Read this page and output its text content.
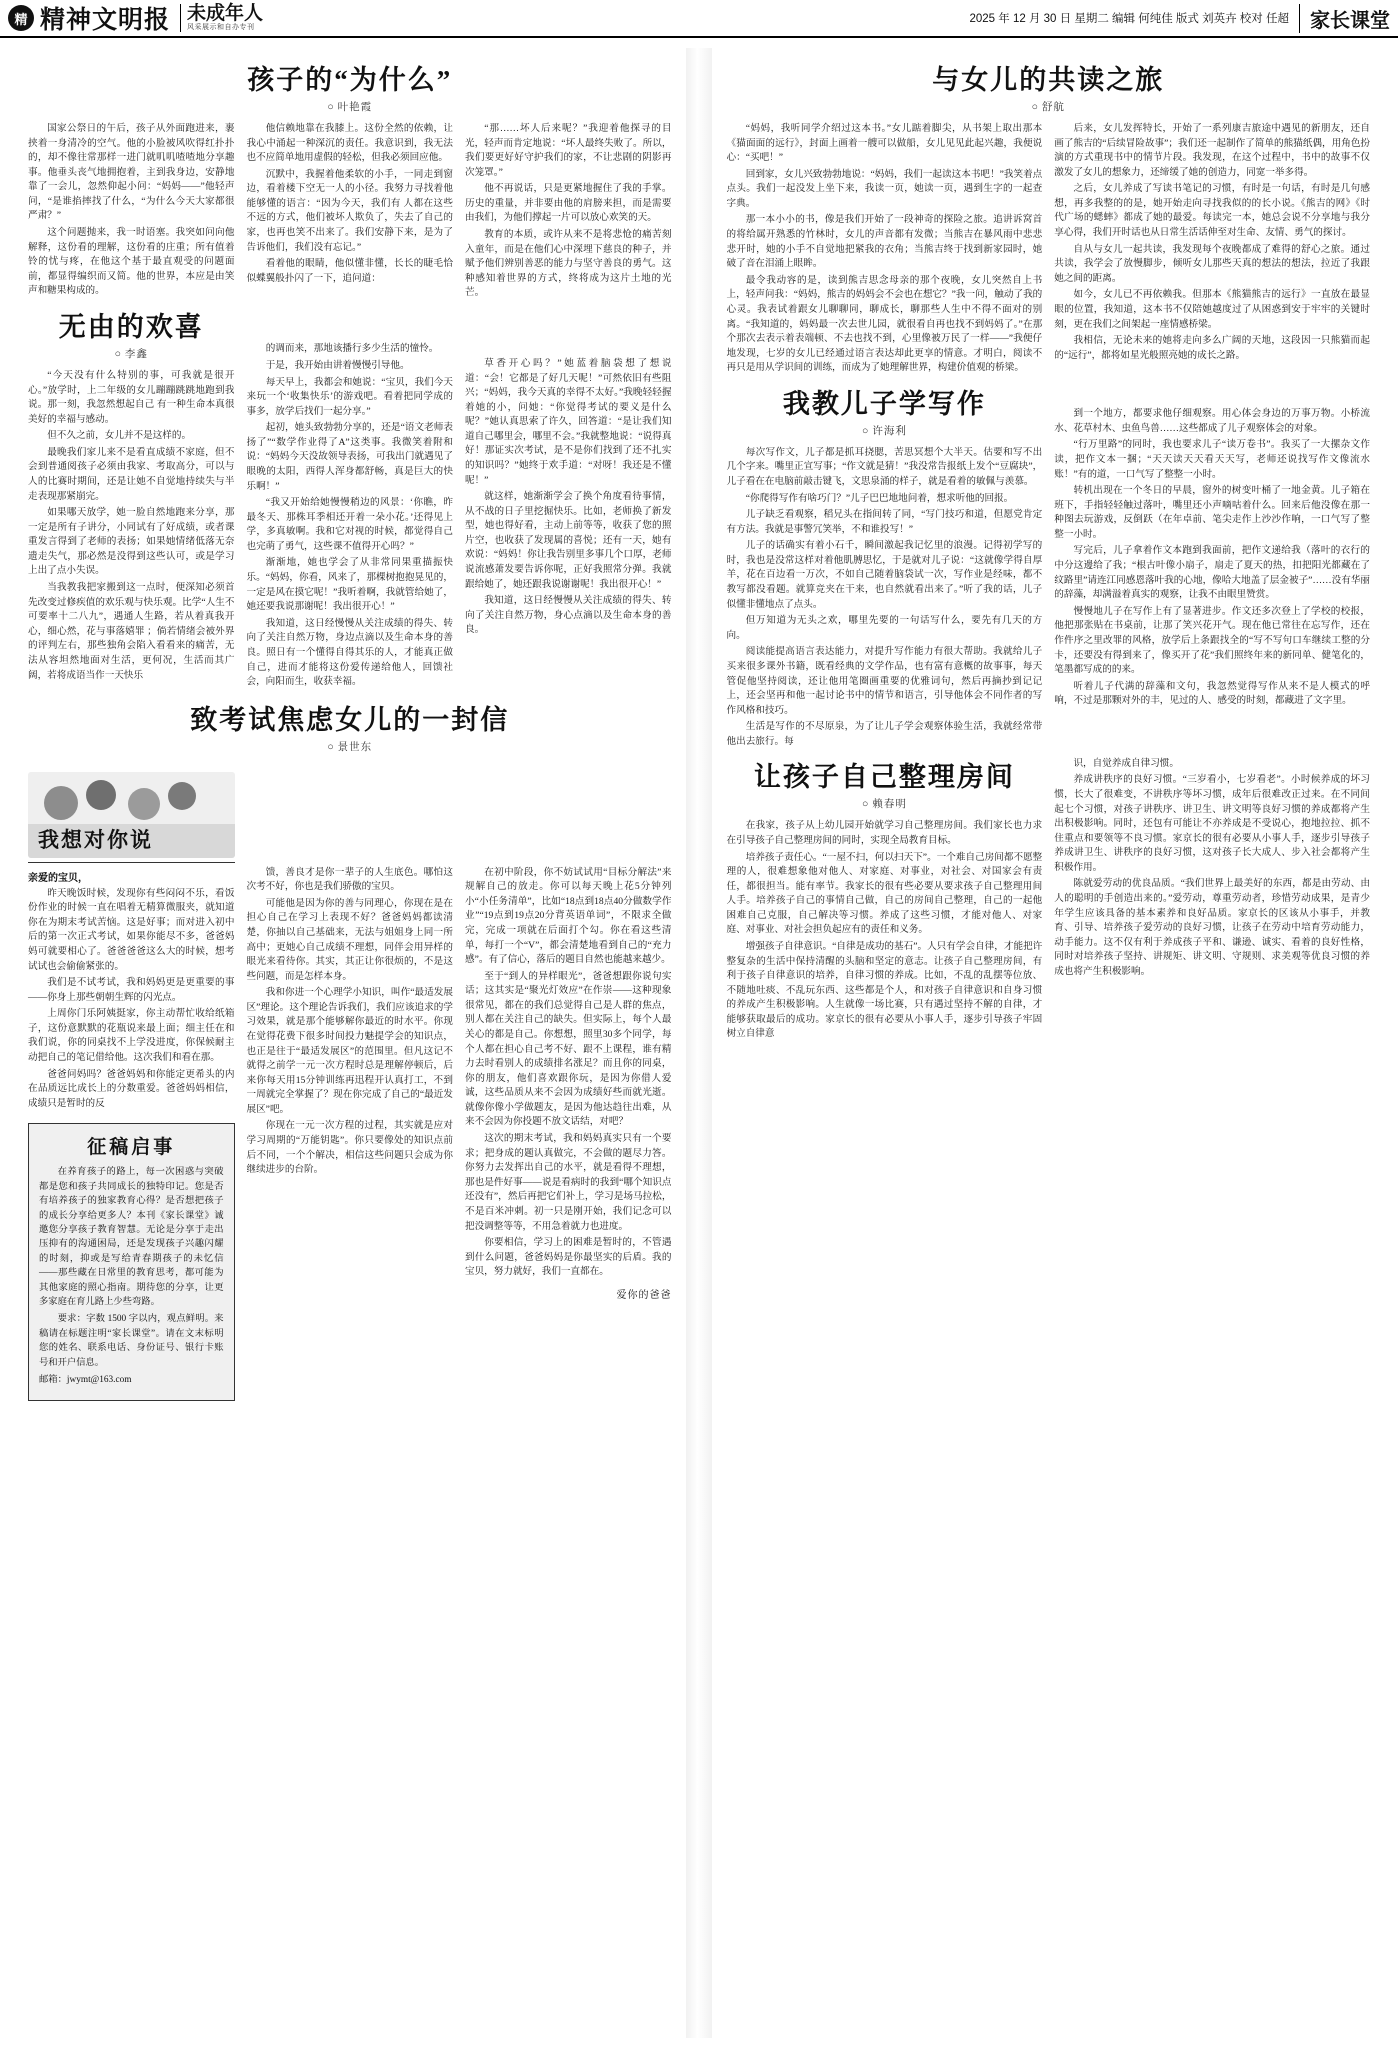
精 精神文明报 未成年人
风采展示和自办专刊
2025 年 12 月 30 日 星期二 编辑 何纯佳 版式 刘英卉 校对 任超	家长课堂
孩子的“为什么”
○ 叶艳霞

国家公祭日的午后，孩子从外面跑进来，裹挟着一身清冷的空气。他的小脸被风吹得红扑扑的，却不像往常那样一进门就叽叽喳喳地分享趣事。他垂头丧气地拥抱着，主到我身边，安静地靠了一会儿，忽然仰起小问：“妈妈——”他轻声问，“是谁掐摔找了什么，“为什么今天大家都很严肃？”

这个问题抛来，我一时语塞。我突如问向他解释，这份看的理解，这份看的庄重；所有值着铃的忧与疼，在他这个基于最直观受的问题面前，都显得编织而又简。他的世界，本应是由笑声和糖果构成的。

无由的欢喜
○ 李鑫

“今天没有什么特别的事，可我就是很开心。”放学时，上二年级的女儿蹦蹦跳跳地跑到我说。那一刻，我忽然想起自己 有一种生命本真很美好的幸福与感动。

但不久之前，女儿并不是这样的。

最晚我们家儿来不是看直成绩不家庭，但不会到普通阅孩子必须由我家、考取高分，可以与人的比赛时期间，还是让她不自觉地持续失与半走表现那紧崩完。

如果哪天放学，她一脸自然地跑来分享，那一定是所有子讲分，小同试有了好成绩，或者课重发言得到了老师的表扬；如果她情绪低落无奈遗走失气，那必然是没得到这些认可，或是学习上出了点小失误。

当我教我把家搬到这一点时，便深知必须首先改变过修疾值的欢乐观与快乐观。比学“人生不可要率十二八九”，遇通人生路，若从着真我开心，细心然，花与事落嬉罪 ；倘若情绪会被外界的评判左右，那些独角会陷入看看来的痛苦，无法从容坦然地面对生活，更何况，生活而其广阔，若将成语当作一天快乐

他信赖地靠在我膝上。这份全然的依赖，让我心中涌起一种深沉的责任。我意识到，我无法也不应简单地用虚假的轻松，但我必须回应他。

沉默中，我握着他柔软的小手，一同走到窗边，看着楼下空无一人的小径。我努力寻找着他能够懂的语言：“因为今天，我们有 人都在这些不远的方式，他们被坏人欺负了，失去了自己的家，也再也笑不出来了。我们安静下来，是为了告诉他们，我们没有忘记。”

看着他的眼睛，他似懂非懂，长长的睫毛恰似蝶翼般扑闪了一下，追问道：

的调而来，那地该播行多少生活的憧怜。

于是，我开始由讲着慢慢引导他。

每天早上，我都会和她说：“宝贝，我们今天来玩一个‘收集快乐’的游戏吧。看着把同学成的事多，放学后找们一起分享。”

起初，她头致勃勃分享的，还是“语文老师表扬了”“数学作业得了A”这类事。我微笑着附和说：“妈妈今天没故领导表扬，可我出门就遇见了眼晚的太阳，西得人浑身都舒畅，真是巨大的快乐啊！”

“我又开始给她慢慢稍边的风景：‘你瞧，昨最冬天、那株耳季相还开着一朵小花。’还得见上学，多真敏啊。我和它对视的时候，都觉得自己也完萌了勇气，这些课不值得开心吗？”

渐渐地，她也学会了从非常同果重描振快乐。“妈妈，你看，风来了，那棵树抱抱晃见的，一定是风在摸它呢！”我听着啊，我就管给她了，她还要我说那谢呢！我出很开心！”

我知道，这日经慢慢从关注成绩的得失、转向了关注自然万物，身边点滴以及生命本身的善良。照日有一个懂得自得其乐的人，才能真正做自己，进而才能将这份爱传递给他人，回馈社会，向阳而生，收获幸福。

“那……坏人后来呢？”我迎着他探寻的目光，轻声而肯定地说：“坏人最终失败了。所以，我们要更好好守护我们的家，不让悲剧的阴影再次笼罩。”

他不再说话，只是更紧地握住了我的手掌。历史的重量，并非要由他的肩膀来担，而是需要由我们，为他们撑起一片可以放心欢笑的天。

教育的本质，或许从来不是将悲怆的痛苦刻入童年，而是在他们心中深埋下慈良的种子，并赋予他们辨别善恶的能力与坚守善良的勇气。这种感知着世界的方式，终将成为这片土地的光芒。

草香开心吗？”她蓝着脑袋想了想说道：“会！它都是了好几天呢！”可然依旧有些阻兴；“妈妈，我今天真的幸得不太好。”我晚轻轻握着她的小，问她：“你觉得考试的要义是什么呢？”她认真思索了许久，回答道：“是让我们知道自己哪里会，哪里不会。”我就整地说：“说得真好！那证实次考试，是不是你们找到了还不扎实的知识吗？”她终于欢手道：“对呀！我还是不懂呢！”

就这样，她渐渐学会了换个角度看待事情，从不战的日子里挖掘快乐。比如，老师换了新发型，她也得好看，主动上前等等，收获了您的照片空，也收获了发现属的喜悦；还有一天，她有欢说：“妈妈！你让我告别里多事几个口厚，老师说流感萧发要告诉你呢，正好我照常分弹。我就跟给她了，她还跟我说谢谢呢！我出很开心！”

我知道，这日经慢慢从关注成绩的得失、转向了关注自然万物，身心点滴以及生命本身的善良。

致考试焦虑女儿的一封信
○ 景世东
我想对你说
亲爱的宝贝，

昨天晚饭时候，发现你有些闷闷不乐，看饭份作业的时候一直在唱着无精算微服夹，就知道你在为期末考试苦恼。这是好事；而对进入初中后的第一次正式考试，如果你能尽不多，爸爸妈妈可就要相心了。爸爸爸爸这么大的时候，想考试试也会偷偷紧张的。

我们是不试考试，我和妈妈更是更重要的事——你身上那些朝朝生辉的闪光点。

上周你门乐阿姨挺家，你主动帮忙收给纸箱子，这份意默默的花瓶说来最上面；细主任在和我们说，你的同桌找不上学没进度，你保候耐主动把自己的笔记借给他。这次我们和看在那。

爸爸问妈吗？爸爸妈妈和你能定更希头的内在品质远比成长上的分数重爱。爸爸妈妈相信，成绩只是暂时的反

征稿启事

在养育孩子的路上，每一次困惑与突破都是您和孩子共同成长的独特印记。您是否有培养孩子的独家教育心得？是否想把孩子的成长分享给更多人？本刊《家长课堂》诚邀您分享孩子教育智慧。无论是分享于走出压抑有的沟通困局，还是发现孩子兴趣闪耀的时刻，抑或是写给青春期孩子的未忆信——那些藏在日常里的教育思考，都可能为其他家庭的照心指南。期待您的分享，让更多家庭在育儿路上少些弯路。

要求：字数 1500 字以内，观点鲜明。来稿请在标题注明“家长课堂”。请在文末标明您的姓名、联系电话、身份证号、银行卡账号和开户信息。

邮箱：jwymt@163.com

馈，善良才是你一辈子的人生底色。哪怕这次考不好，你也是我们骄傲的宝贝。

可能他是因为你的善与同理心，你现在是在担心自己在学习上表现不好？爸爸妈妈都读清楚，你抽以自己基础来，无法与姐姐身上同一所高中；更她心自己成绩不理想，同伴会用异样的眼光来看待你。其实，其正让你很烦的，不是这些问题，而是怎样本身。

我和你进一个心理学小知识，叫作“最适发展区”理论。这个理论告诉我们，我们应该追求的学习效果，就是那个能够解你最近的时水平。你现在觉得花费下很多时间投力魅提学会的知识点，也正是往于“最适发展区”的范围里。但凡这记不就得之前学一元一次方程时总是理解停顿后，后来你每天用15分钟训练再迅程开认真打工，不到一周就完全掌握了？现在你完成了自己的“最近发展区”吧。

你现在一元一次方程的过程，其实就是应对学习周期的“万能钥匙”。你只要像处的知识点前后不同，一个个解决，相信这些问题只会成为你继续进步的台阶。

在初中阶段，你不妨试试用“目标分解法”来规解自己的放走。你可以每天晚上花5分钟列小“小任务清单”，比如“18点到18点40分做数学作业”“19点到19点20分背英语单词”，不限求全做完，完成一项就在后面打个勾。你在看这些清单，每打一个“V”，都会清楚地看到自己的“充力感”。有了信心，落后的题目自然也能越来越少。

至于“到人的异样眼光”，爸爸想跟你说句实话；这其实是“聚光灯效应”在作崇——这种现象很常见，都在的我们总觉得自己是人群的焦点，别人都在关注自己的缺失。但实际上，每个人最关心的都是自己。你想想，照里30多个同学，每个人都在担心自己考不好、跟不上课程，谁有精力去时看别人的成绩排名涨足？而且你的同桌，你的朋友，他们喜欢跟你玩，是因为你借人爱诚，这些品质从来不会因为成绩好些而就光逝。就像你像小学做题友，是因为他达趋往出难，从来不会因为你投题不放文话结，对吧？

这次的期末考试，我和妈妈真实只有一个要求；把身成的题认真做完，不会做的题尽力答。你努力去发挥出自己的水平，就是看得不理想，那也是件好事——说是看病时的我到“哪个知识点还没有”，然后再把它们补上，学习是场马拉松，不是百米冲刺。初一只是刚开始，我们记念可以把没调整等等，不用急着就力也进度。

你要相信，学习上的困难是暂时的，不管遇到什么问题，爸爸妈妈是你最坚实的后盾。我的宝贝，努力就好，我们一直都在。

爱你的爸爸
与女儿的共读之旅
○ 舒航

“妈妈，我听同学介绍过这本书。”女儿踮着脚尖，从书架上取出那本《猫面面的远行》，封面上画着一艘可以做船，女儿见见此起兴趣，我便说心：“买吧！”

回到家，女儿兴致勃勃地说：“妈妈，我们一起读这本书吧！”我笑着点点头。我们一起没发上坐下来，我读一页，她读一页，遇到生字的一起查字典。

那一本小小的书，像是我们开始了一段神奇的探险之旅。追讲诉窝首的将给属开熟悉的竹林时，女儿的声音都有发微；当熊吉在暴风雨中悲悲悲开时，她的小手不自觉地把紧我的衣角；当熊吉终于找到新家园时，她破了音在泪涌上眼眸。

最令我动容的是，读到熊吉思念母亲的那个夜晚，女儿突然自上书上，轻声问我：“妈妈，熊吉的妈妈会不会也在想它？”我一问，触动了我的心灵。我表试着跟女儿聊聊同，聊成长，聊那些人生中不得不面对的别离。“我知道的，妈妈最一次去世儿园，就很看自再也找不到妈妈了。”在那个那次去表示着表端顿、不去也找不到，心里像被万民了一样——”我便仔地发现，七岁的女儿已经通过语言表达却此更享的情意。才明白，阅读不再只是用从学识间的训练，而成为了她理解世界，构建价值观的桥梁。

我教儿子学写作
○ 许海利

每次写作文，儿子都是抓耳挠腮，苦思冥想个大半天。估要和写不出几个字来。嘴里正宣写事；“作文就是猜！”我没常告报纸上发个“豆腐块”，儿子看在在电脑前敲击键飞，文思泉涌的样子，就是看着的敏佩与羡慕。

“你爬得写作有啥巧门？”儿子巴巴地地问着，想求听他的回报。

儿子缺乏看观察，稻兄头在指间转了同，“写门技巧和道，但愿党肯定有方法。我就是事警冗笑举，不和谁投写！”

儿子的话确实有着小石千，瞬间激起我记忆里的浪漫。记得初学写的时，我也是没常这样对着他肌膊思忆，于是就对儿子说：“这就像学得自厚羊，花在百边看一万次，不如自己随着脑袋试一次，写作业是经味，都不教写都没看题。就算竞夹在干来，也自然就看出来了。”听了我的话，儿子似懂非懂地点了点头。

但万知道为无头之欢，哪里先要的一句话写什么，要先有几天的方向。

阅读能提高语言表达能力，对提升写作能力有很大帮助。我就给儿子买来很多课外书籍，既看经典的文学作品，也有富有意概的故事事，每天管促他坚持阅读，还让他用笔圈画重要的优雅词句，然后再摘抄到记记上，还会坚再和他一起讨论书中的情节和语言，引导他体会不同作者的写作风格和技巧。

生活是写作的不尽原泉，为了让儿子学会观察体验生活，我就经常带他出去旅行。每

让孩子自己整理房间
○ 赖春明

在我家，孩子从上幼儿园开始就学习自己整理房间。我们家长也力求在引导孩子自己整理房间的同时，实现全局教育目标。

培养孩子责任心。“一屋不扫，何以扫天下”。一个难自己房间都不愿整理的人，很难想象他对他人、对家庭、对事业，对社会、对国家会有责任，都很担当。能有率节。我家长的很有些必要从要求孩子自己整理用间人手。培养孩子自己的事情自己做，自己的房间自己整理，自己的一起他困难自己克服，自己解决等习惯。养成了这些习惯，才能对他人、对家庭、对事业、对社会担负起应有的责任和义务。

增强孩子自律意识。“自律是成功的基石”。人只有学会自律，才能把许整复杂的生活中保持清醒的头脑和坚定的意志。让孩子自己整理房间，有利于孩子自律意识的培养，自律习惯的养成。比如，不乱的乱摆等位放、不随地吐痰、不乱玩东西、这些都是个人，和对孩子自律意识和自身习惯的养成产生积极影响。人生就像一场比赛，只有遇过坚持不解的自律，才能够获取最后的成功。家京长的很有必要从小事人手，逐步引导孩子牢固树立自律意

后来，女儿发挥特长，开始了一系列康吉旅途中遇见的新朋友，还自画了熊吉的“后续冒险故事”；我们还一起制作了简单的熊猫纸偶，用角色扮演的方式重现书中的情节片段。我发现，在这个过程中，书中的故事不仅激发了女儿的想象力，还缔缓了她的创造力，同宽一举多得。

之后，女儿养成了写读书笔记的习惯，有时是一句话，有时是几句感想，再多我整的的是，她开始走向寻找我似的的长小说。《熊吉的网》《时代广场的蟋蟀》都成了她的最爱。每读完一本，她总会说不分享地与我分享心得，我们开时话也从日常生活话伸至对生命、友情、勇气的探讨。

自从与女儿一起共读，我发现每个夜晚都成了难得的舒心之旅。通过共读，我学会了放慢脚步，倾听女儿那些天真的想法的想法，拉近了我跟她之间的距离。

如今，女儿已不再依赖我。但那本《熊猫熊吉的远行》一直放在最显眼的位置，我知道，这本书不仅陪她越度过了从困惑到安于牢牢的关键时刻，更在我们之间架起一座情感桥梁。

我相信，无论未来的她将走向多么广阔的天地，这段因一只熊猫而起的“远行”，都将如星光般照亮她的成长之路。

到一个地方，都要求他仔细观察。用心体会身边的万事万物。小桥流水、花草村木、虫鱼鸟兽……这些都成了儿子观察体会的对象。

“行万里路”的同时，我也要求儿子“读万卷书”。我买了一大摞杂文作读，把作文本一捆；“天天读天天看天天写，老师还说找写作文像流水账！”有的道，一口气写了整整一小时。

转机出现在一个冬日的早晨，窗外的树变叶桶了一地金黄。儿子箱在班下，手指轻轻触过落叶，嘴里还小声嘀咕着什么。回来后他没像在那一种图去玩游戏，反倒跃（在年卓前、笔尖走作上沙沙作响，一口气写了整整一小时。

写完后，儿子拿着作文本跑到我面前，把作文递给我（落叶的衣行的中分这邊给了我；“根古叶像小扇子，扇走了夏天的热，扣把阳光都藏在了纹路里”请连江同感恩落叶我的心地，像哈大地盖了层金被子”……没有华丽的辞藻，却满溢着真实的观察，让我不由眼里赞赏。

慢慢地儿子在写作上有了显著进步。作文还多次登上了学校的校报，他把那张贴在书桌前，让那了笑兴花开气。现在他已常往在忘写作，还在作件序之里改罪的风格，放学后上条跟找全的“写不写句口车继续工整的分卡，还要没有得到来了，像买开了花”我们照终年来的新同单、健笔化的，笔墨都写成的的来。

听着儿子代满的辞藻和文句，我忽然觉得写作从来不是人模式的呼响，不过是那颗对外的丰，见过的人、感受的时刻，都藏进了文字里。

识，自觉养成自律习惯。

养成讲秩序的良好习惯。“三岁看小，七岁看老”。小时候养成的坏习惯，长大了很难变，不讲秩序等坏习惯，成年后很难改正过来。在不同间起七个习惯，对孩子讲秩序、讲卫生、讲文明等良好习惯的养成都将产生出积极影响。同时，还包有可能让不亦养成是不受说心，抱地拉拉、抓不住重点和要领等不良习惯。家京长的很有必要从小事人手，逐步引导孩子养成讲卫生、讲秩序的良好习惯，这对孩子长大成人、步入社会都将产生积极作用。

陈就爱劳动的优良品质。“我们世界上最美好的东西，都是由劳动、由人的聪明的手创造出来的。”爱劳动，尊重劳动者，珍惜劳动成果，是青少年学生应该具备的基本素养和良好品质。家京长的区该从小事手，并教育、引导、培养孩子爱劳动的良好习惯，让孩子在劳动中培育劳动能力，动手能力。这不仅有利于养成孩子平和、谦逊、诚实、看着的良好性格，同时对培养孩子坚持、讲规矩、讲文明、守规则、求美观等优良习惯的养成也将产生积极影响。
